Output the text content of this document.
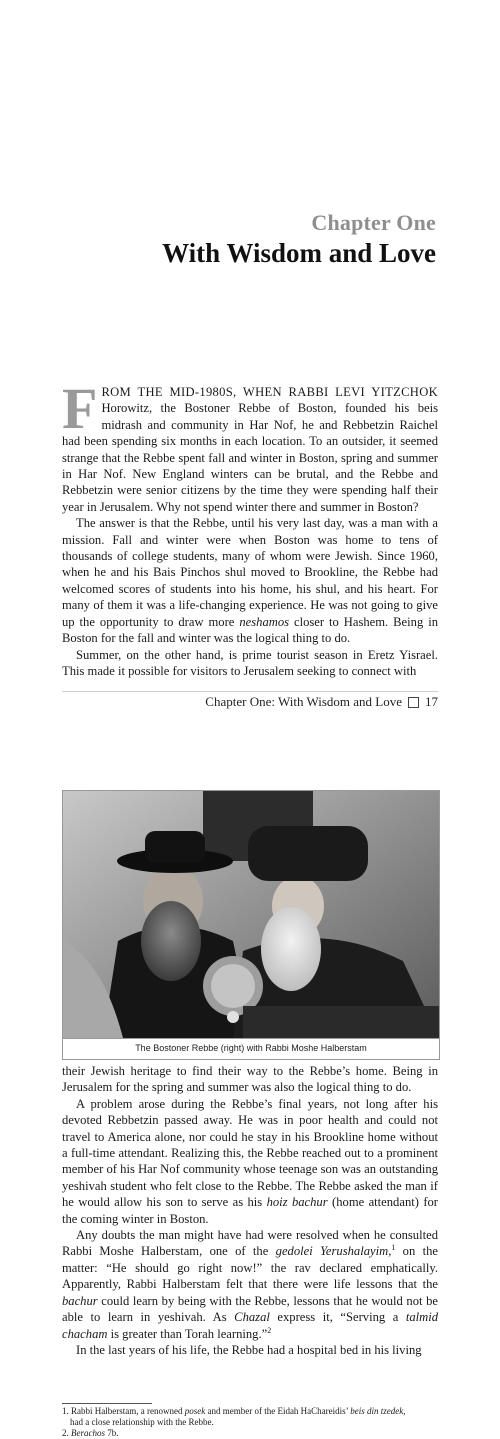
Chapter One
With Wisdom and Love

FROM THE MID-1980S, WHEN RABBI LEVI YITZCHOK Horowitz, the Bostoner Rebbe of Boston, founded his beis midrash and community in Har Nof, he and Rebbetzin Raichel had been spending six months in each location. To an outsider, it seemed strange that the Rebbe spent fall and winter in Boston, spring and summer in Har Nof. New England winters can be brutal, and the Rebbe and Rebbetzin were senior citizens by the time they were spending half their year in Jerusalem. Why not spend winter there and summer in Boston?

The answer is that the Rebbe, until his very last day, was a man with a mission. Fall and winter were when Boston was home to tens of thousands of college students, many of whom were Jewish. Since 1960, when he and his Bais Pinchos shul moved to Brookline, the Rebbe had welcomed scores of students into his home, his shul, and his heart. For many of them it was a life-changing experience. He was not going to give up the opportunity to draw more neshamos closer to Hashem. Being in Boston for the fall and winter was the logical thing to do.

Summer, on the other hand, is prime tourist season in Eretz Yisrael. This made it possible for visitors to Jerusalem seeking to connect with

Chapter One: With Wisdom and Love 17
The Bostoner Rebbe (right) with Rabbi Moshe Halberstam

their Jewish heritage to find their way to the Rebbe’s home. Being in Jerusalem for the spring and summer was also the logical thing to do.

A problem arose during the Rebbe’s final years, not long after his devoted Rebbetzin passed away. He was in poor health and could not travel to America alone, nor could he stay in his Brookline home without a full-time attendant. Realizing this, the Rebbe reached out to a prominent member of his Har Nof community whose teenage son was an outstanding yeshivah student who felt close to the Rebbe. The Rebbe asked the man if he would allow his son to serve as his hoiz bachur (home attendant) for the coming winter in Boston.

Any doubts the man might have had were resolved when he consulted Rabbi Moshe Halberstam, one of the gedolei Yerushalayim,$^1$ on the matter: “He should go right now!” the rav declared emphatically. Apparently, Rabbi Halberstam felt that there were life lessons that the bachur could learn by being with the Rebbe, lessons that he would not be able to learn in yeshivah. As Chazal express it, “Serving a talmid chacham is greater than Torah learning.”$^2$

In the last years of his life, the Rebbe had a hospital bed in his living

1. Rabbi Halberstam, a renowned posek and member of the Eidah HaChareidis’ beis din tzedek,

had a close relationship with the Rebbe.

2. Berachos 7b.
